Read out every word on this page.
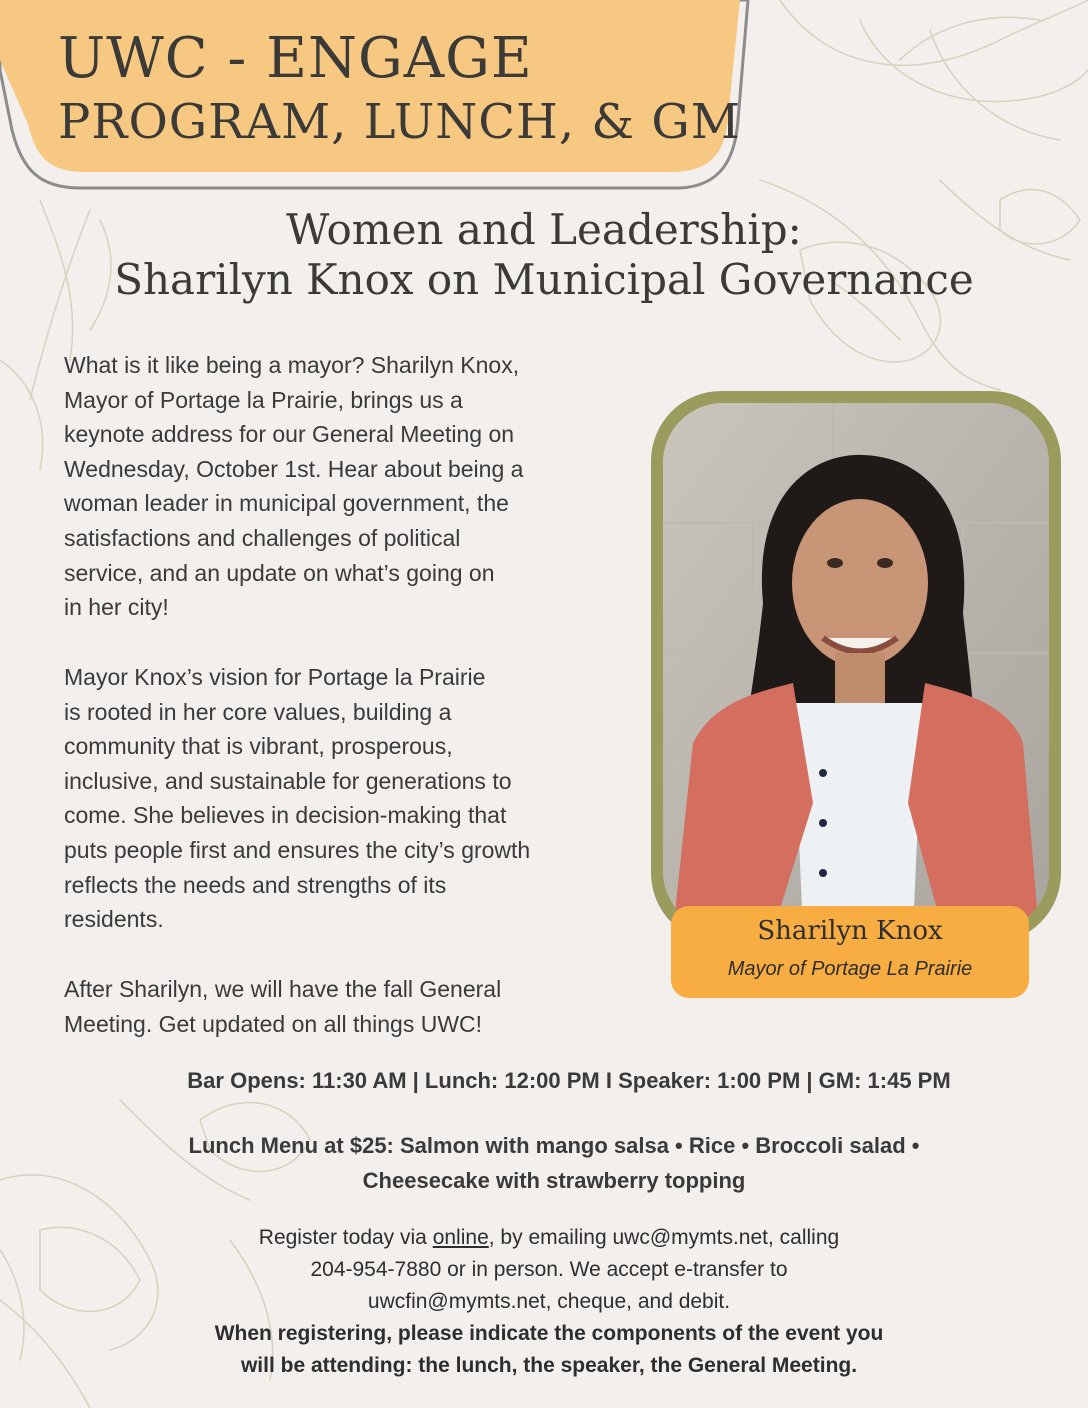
UWC - ENGAGE
PROGRAM, LUNCH, & GM
Women and Leadership:
Sharilyn Knox on Municipal Governance

What is it like being a mayor? Sharilyn Knox,

Mayor of Portage la Prairie, brings us a

keynote address for our General Meeting on

Wednesday, October 1st. Hear about being a

woman leader in municipal government, the

satisfactions and challenges of political

service, and an update on what’s going on

in her city!

Mayor Knox’s vision for Portage la Prairie

is rooted in her core values, building a

community that is vibrant, prosperous,

inclusive, and sustainable for generations to

come. She believes in decision-making that

puts people first and ensures the city’s growth

reflects the needs and strengths of its

residents.

After Sharilyn, we will have the fall General

Meeting. Get updated on all things UWC!

Sharilyn Knox
Mayor of Portage La Prairie
Bar Opens: 11:30 AM | Lunch: 12:00 PM I Speaker: 1:00 PM | GM: 1:45 PM
Lunch Menu at $25: Salmon with mango salsa • Rice • Broccoli salad •
Cheesecake with strawberry topping

Register today via online, by emailing uwc@mymts.net, calling

204-954-7880 or in person. We accept e-transfer to

uwcfin@mymts.net, cheque, and debit.

When registering, please indicate the components of the event you

will be attending: the lunch, the speaker, the General Meeting.
